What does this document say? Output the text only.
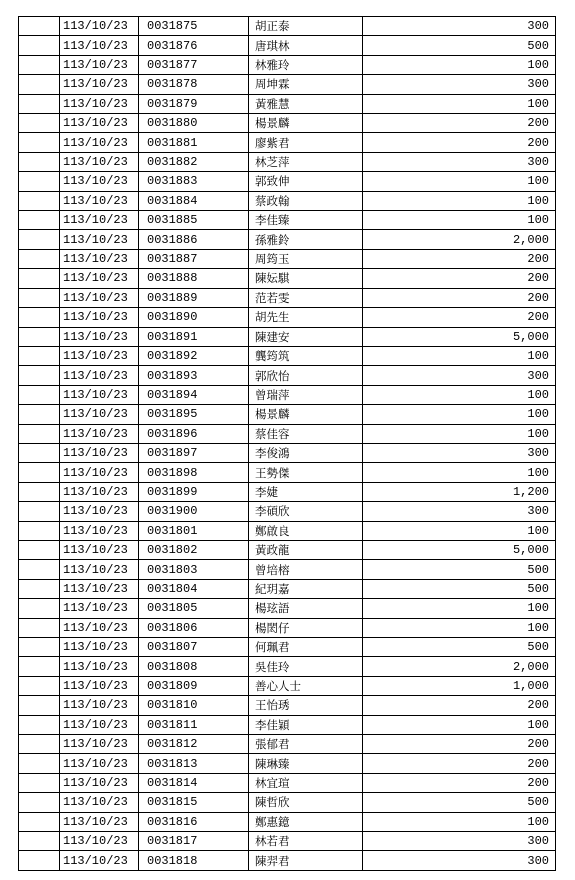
	113/10/23	0031875	胡正泰	300
	113/10/23	0031876	唐琪林	500
	113/10/23	0031877	林雅玲	100
	113/10/23	0031878	周坤霖	300
	113/10/23	0031879	黃雅慧	100
	113/10/23	0031880	楊景麟	200
	113/10/23	0031881	廖紫君	200
	113/10/23	0031882	林芝萍	300
	113/10/23	0031883	郭致伸	100
	113/10/23	0031884	蔡政翰	100
	113/10/23	0031885	李佳臻	100
	113/10/23	0031886	孫雅鈴	2,000
	113/10/23	0031887	周筠玉	200
	113/10/23	0031888	陳妘騏	200
	113/10/23	0031889	范若雯	200
	113/10/23	0031890	胡先生	200
	113/10/23	0031891	陳建安	5,000
	113/10/23	0031892	龔筠筑	100
	113/10/23	0031893	郭欣怡	300
	113/10/23	0031894	曾瑞萍	100
	113/10/23	0031895	楊景麟	100
	113/10/23	0031896	蔡佳容	100
	113/10/23	0031897	李俊鴻	300
	113/10/23	0031898	王勢傑	100
	113/10/23	0031899	李婕	1,200
	113/10/23	0031900	李碩欣	300
	113/10/23	0031801	鄭啟良	100
	113/10/23	0031802	黃政龍	5,000
	113/10/23	0031803	曾培榕	500
	113/10/23	0031804	紀玥嘉	500
	113/10/23	0031805	楊玹語	100
	113/10/23	0031806	楊閎仔	100
	113/10/23	0031807	何珮君	500
	113/10/23	0031808	吳佳玲	2,000
	113/10/23	0031809	善心人士	1,000
	113/10/23	0031810	王怡琇	200
	113/10/23	0031811	李佳穎	100
	113/10/23	0031812	張郁君	200
	113/10/23	0031813	陳琳臻	200
	113/10/23	0031814	林宜瑄	200
	113/10/23	0031815	陳哲欣	500
	113/10/23	0031816	鄭惠鐿	100
	113/10/23	0031817	林若君	300
	113/10/23	0031818	陳羿君	300
